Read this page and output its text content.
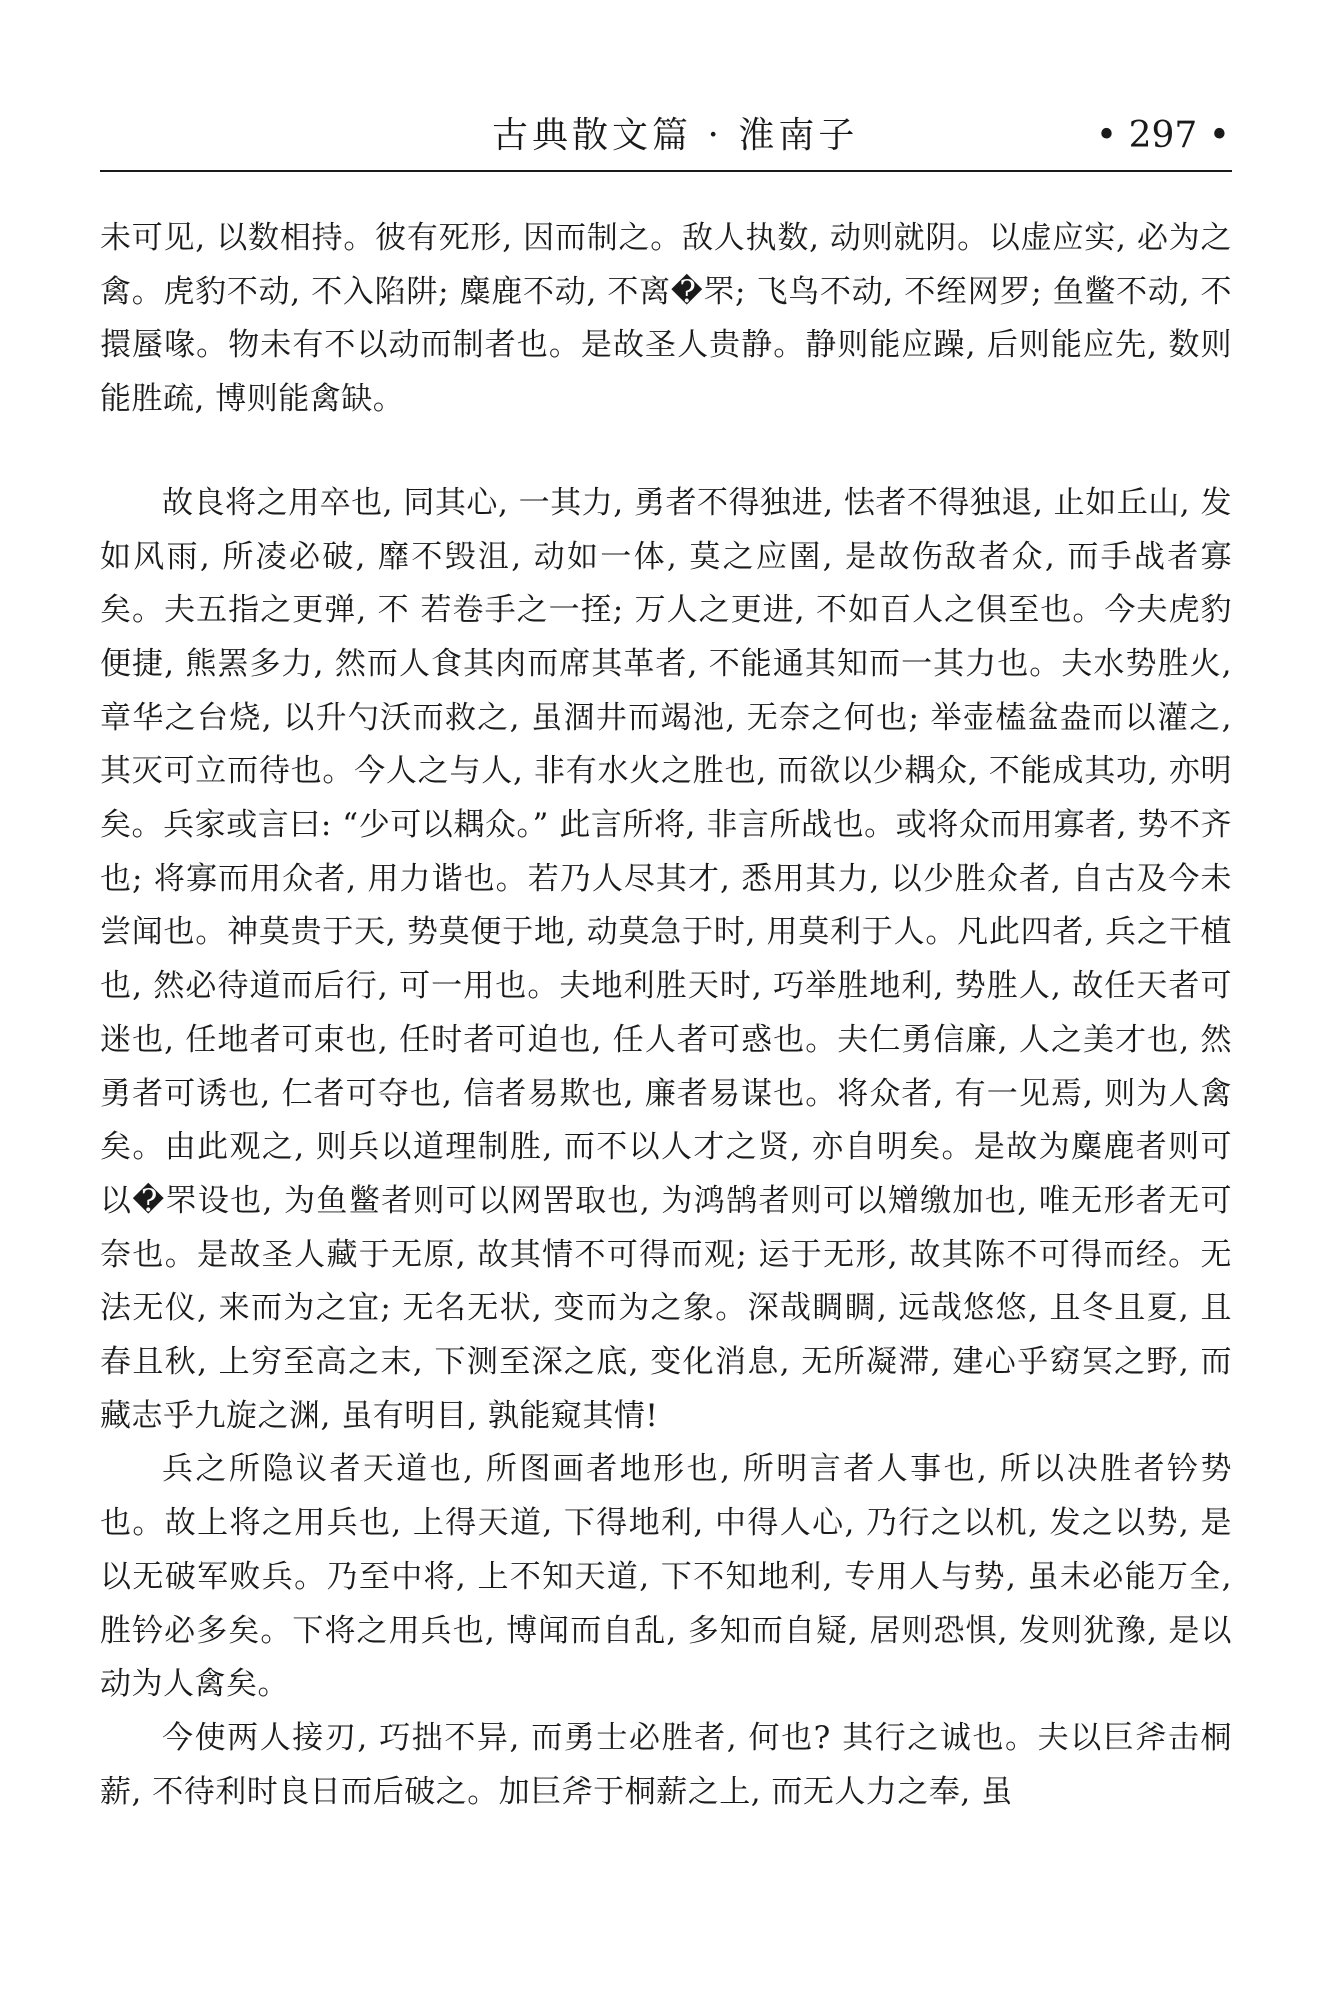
古典散文篇 · 淮南子	• 297 •

未可见, 以数相持。彼有死形, 因而制之。敌人执数, 动则就阴。以虚应实, 必为之禽。虎豹不动, 不入陷阱; 麋鹿不动, 不离�罘; 飞鸟不动, 不绖网罗; 鱼鳖不动, 不擐蜃喙。物未有不以动而制者也。是故圣人贵静。静则能应躁, 后则能应先, 数则能胜疏, 博则能禽缺。

故良将之用卒也, 同其心, 一其力, 勇者不得独进, 怯者不得独退, 止如丘山, 发如风雨, 所凌必破, 靡不毁沮, 动如一体, 莫之应圉, 是故伤敌者众, 而手战者寡矣。夫五指之更弹, 不 若卷手之一挃; 万人之更进, 不如百人之俱至也。今夫虎豹便捷, 熊罴多力, 然而人食其肉而席其革者, 不能通其知而一其力也。夫水势胜火, 章华之台烧, 以升勺沃而救之, 虽涸井而竭池, 无奈之何也; 举壶榼盆盎而以灌之, 其灭可立而待也。今人之与人, 非有水火之胜也, 而欲以少耦众, 不能成其功, 亦明矣。兵家或言曰: “少可以耦众。” 此言所将, 非言所战也。或将众而用寡者, 势不齐也; 将寡而用众者, 用力谐也。若乃人尽其才, 悉用其力, 以少胜众者, 自古及今未尝闻也。神莫贵于天, 势莫便于地, 动莫急于时, 用莫利于人。凡此四者, 兵之干植也, 然必待道而后行, 可一用也。夫地利胜天时, 巧举胜地利, 势胜人, 故任天者可迷也, 任地者可束也, 任时者可迫也, 任人者可惑也。夫仁勇信廉, 人之美才也, 然勇者可诱也, 仁者可夺也, 信者易欺也, 廉者易谋也。将众者, 有一见焉, 则为人禽矣。由此观之, 则兵以道理制胜, 而不以人才之贤, 亦自明矣。是故为麋鹿者则可以�罘设也, 为鱼鳖者则可以网罟取也, 为鸿鹄者则可以矰缴加也, 唯无形者无可奈也。是故圣人藏于无原, 故其情不可得而观; 运于无形, 故其陈不可得而经。无法无仪, 来而为之宜; 无名无状, 变而为之象。深哉睭睭, 远哉悠悠, 且冬且夏, 且春且秋, 上穷至高之末, 下测至深之底, 变化消息, 无所凝滞, 建心乎窈冥之野, 而藏志乎九旋之渊, 虽有明目, 孰能窥其情!

兵之所隐议者天道也, 所图画者地形也, 所明言者人事也, 所以决胜者钤势也。故上将之用兵也, 上得天道, 下得地利, 中得人心, 乃行之以机, 发之以势, 是以无破军败兵。乃至中将, 上不知天道, 下不知地利, 专用人与势, 虽未必能万全, 胜钤必多矣。下将之用兵也, 博闻而自乱, 多知而自疑, 居则恐惧, 发则犹豫, 是以动为人禽矣。

今使两人接刃, 巧拙不异, 而勇士必胜者, 何也? 其行之诚也。夫以巨斧击桐薪, 不待利时良日而后破之。加巨斧于桐薪之上, 而无人力之奉, 虽
